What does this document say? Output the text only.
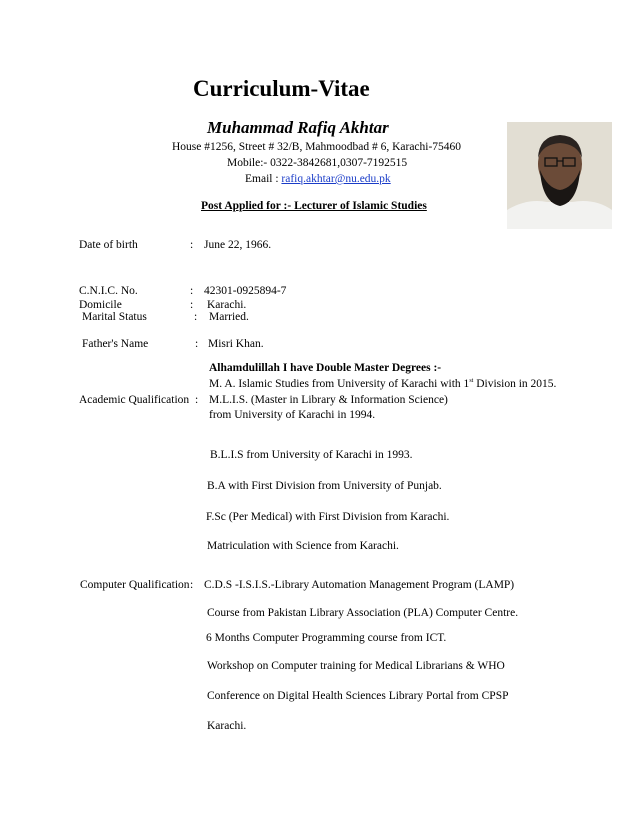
Curriculum-Vitae
Muhammad Rafiq Akhtar
House #1256, Street # 32/B, Mahmoodbad # 6, Karachi-75460
Mobile:- 0322-3842681,0307-7192515
Email : rafiq.akhtar@nu.edu.pk
Post Applied for :- Lecturer of Islamic Studies
Date of birth	: June 22, 1966.
C.N.I.C. No.	: 42301-0925894-7
Domicile	: Karachi.
Marital Status	: Married.
Father's Name	: Misri Khan.
Alhamdulillah I have Double Master Degrees :-
M. A. Islamic Studies from University of Karachi with 1st Division in 2015.
Academic Qualification : M.L.I.S. (Master in Library & Information Science)
from University of Karachi in 1994.
B.L.I.S from University of Karachi in 1993.
B.A with First Division from University of Punjab.
F.Sc (Per Medical) with First Division from Karachi.
Matriculation with Science from Karachi.
Computer Qualification : C.D.S -I.S.I.S.-Library Automation Management Program (LAMP)
Course from Pakistan Library Association (PLA) Computer Centre.
6 Months Computer Programming course from ICT.
Workshop on Computer training for Medical Librarians & WHO
Conference on Digital Health Sciences Library Portal from CPSP
Karachi.
